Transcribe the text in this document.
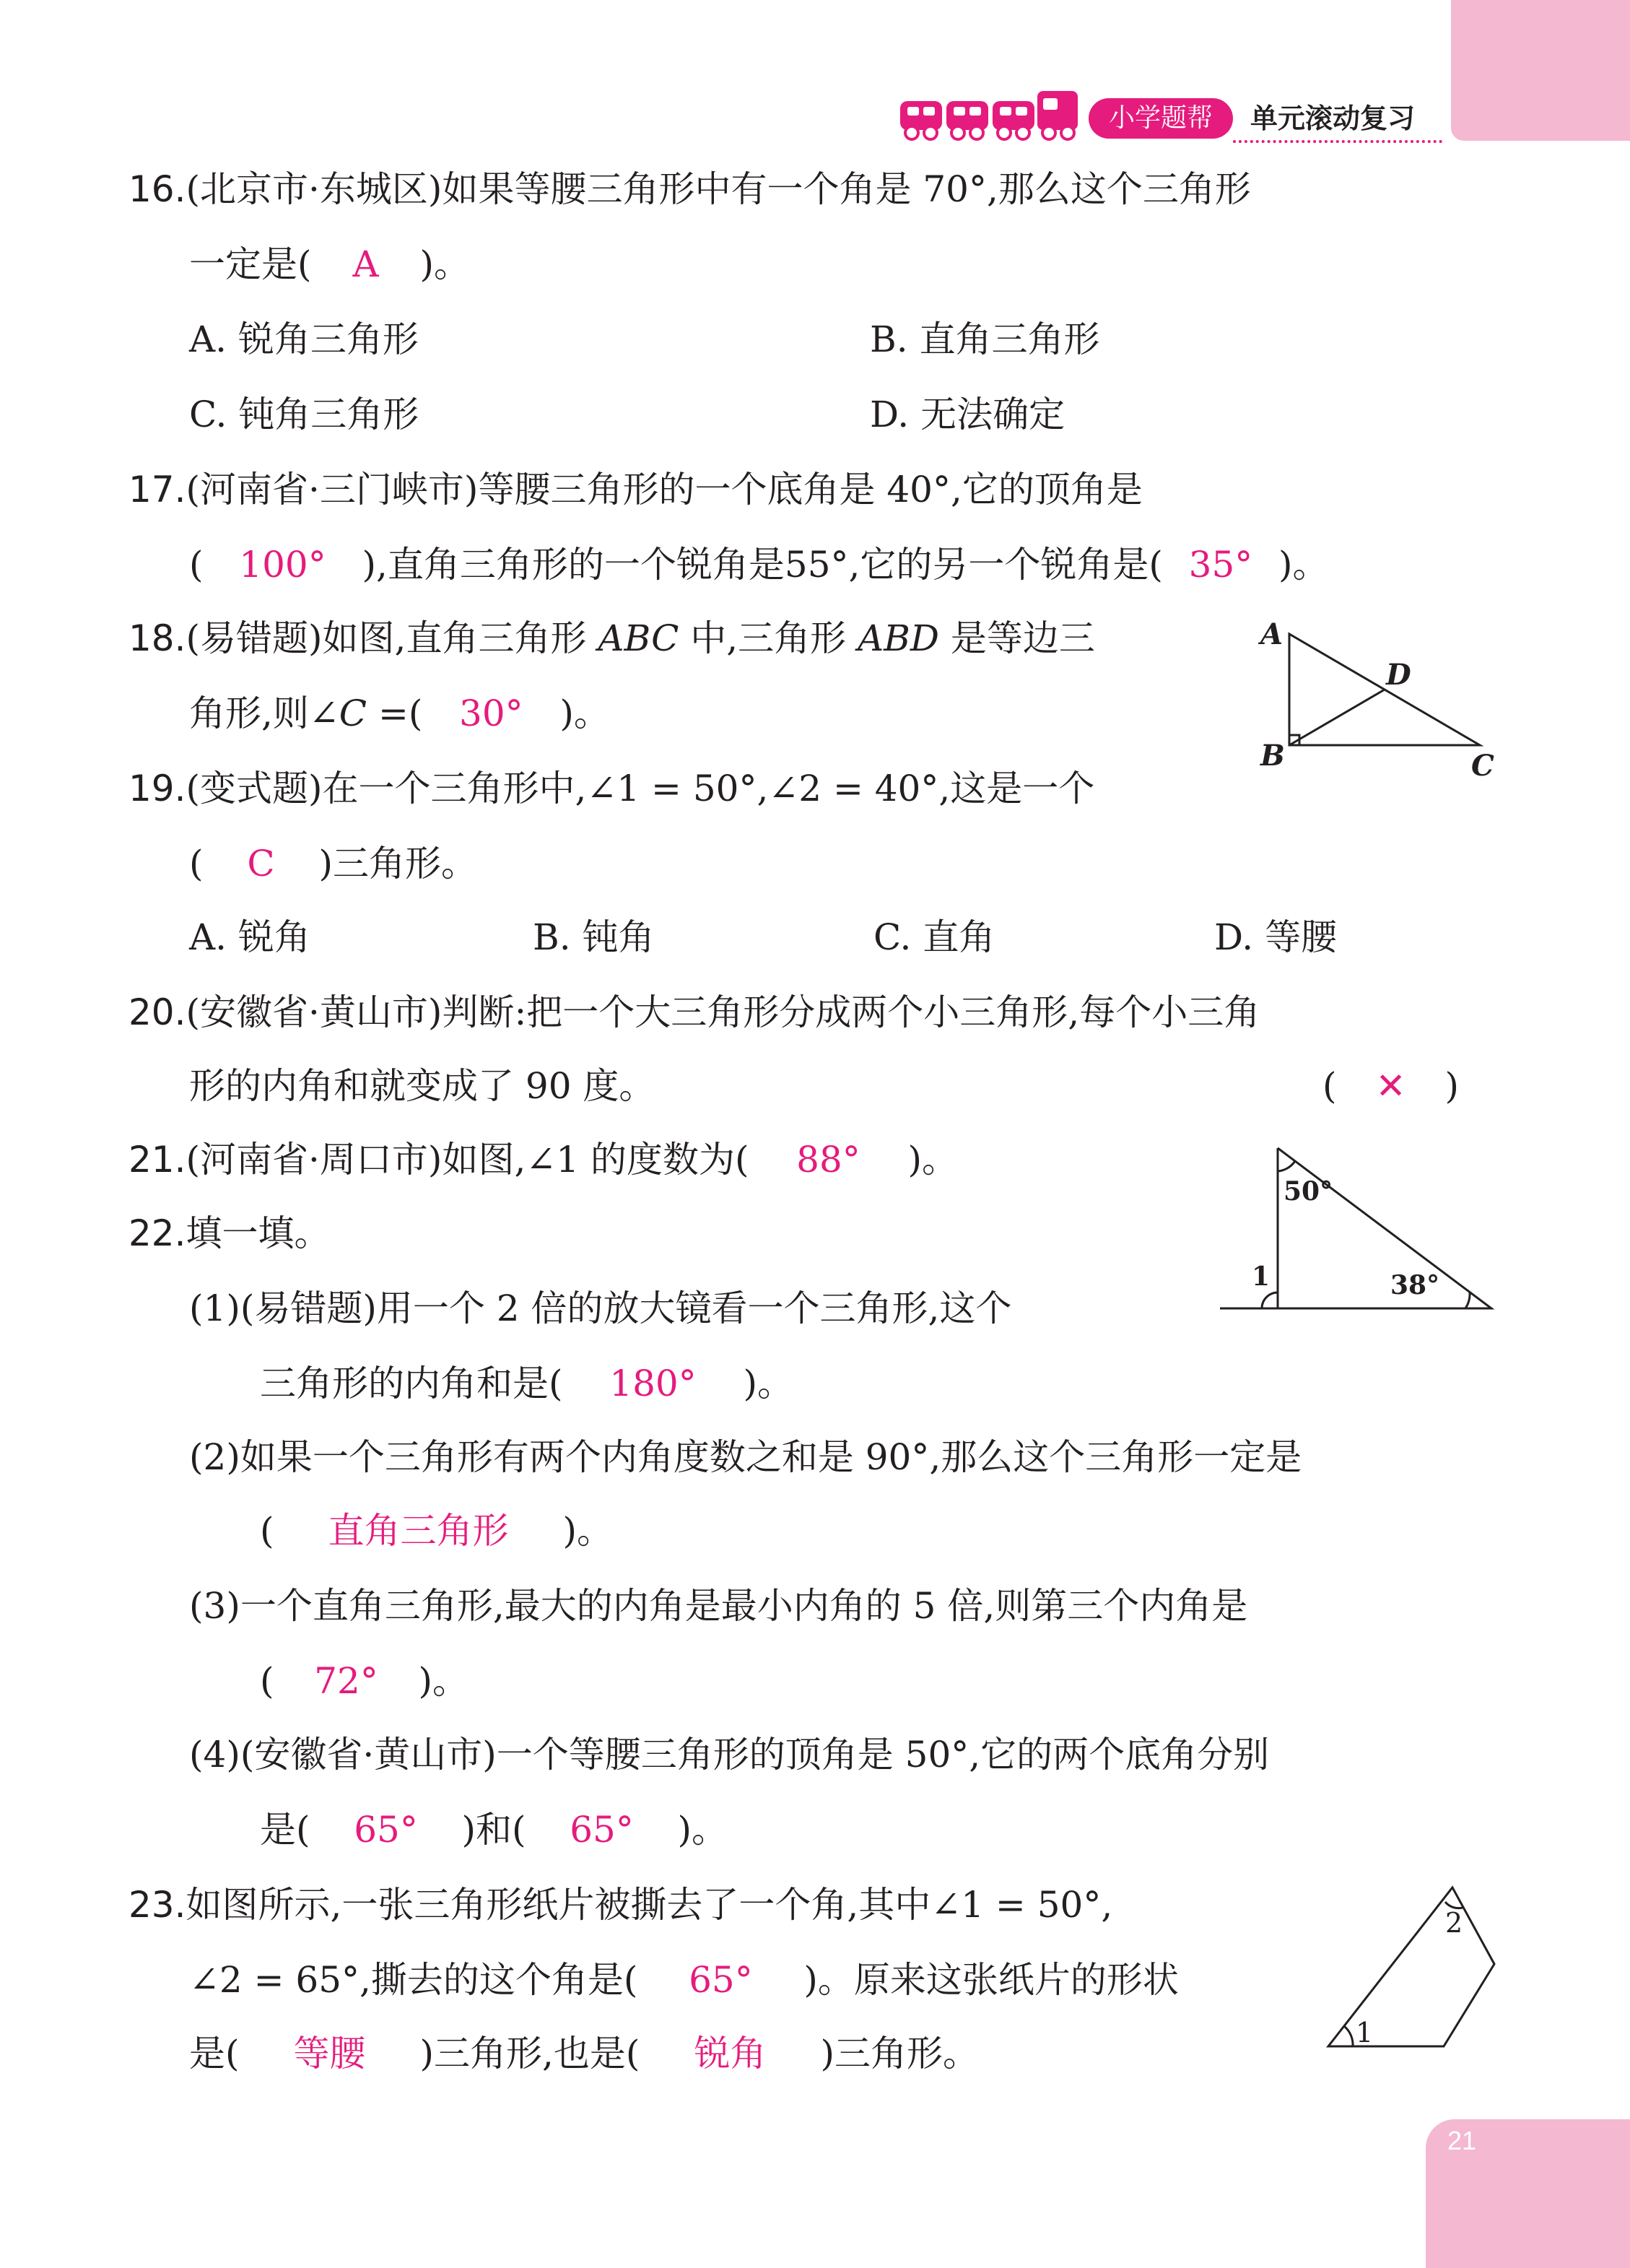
小学题帮	单元滚动复习
16.(北京市·东城区)如果等腰三角形中有一个角是 70°,那么这个三角形
一定是( A )。
A. 锐角三角形	B. 直角三角形
C. 钝角三角形	D. 无法确定
17.(河南省·三门峡市)等腰三角形的一个底角是 40°,它的顶角是
( 100° ),直角三角形的一个锐角是55°,它的另一个锐角是( 35° )。
18.(易错题)如图,直角三角形 ABC 中,三角形 ABD 是等边三
角形,则∠C =( 30° )。
A
B	C
D
19.(变式题)在一个三角形中,∠1 = 50°,∠2 = 40°,这是一个
( C )三角形。
A. 锐角	B. 钝角	C. 直角	D. 等腰
20.(安徽省·黄山市)判断:把一个大三角形分成两个小三角形,每个小三角
形的内角和就变成了 90 度。	( ✕ )
21.(河南省·周口市)如图,∠1 的度数为( 88° )。
50°
38°
1
22.填一填。
(1)(易错题)用一个 2 倍的放大镜看一个三角形,这个
三角形的内角和是( 180° )。
(2)如果一个三角形有两个内角度数之和是 90°,那么这个三角形一定是
( 直角三角形 )。
(3)一个直角三角形,最大的内角是最小内角的 5 倍,则第三个内角是
( 72° )。
(4)(安徽省·黄山市)一个等腰三角形的顶角是 50°,它的两个底角分别
是( 65° )和( 65° )。
23.如图所示,一张三角形纸片被撕去了一个角,其中∠1 = 50°,
∠2 = 65°,撕去的这个角是( 65° )。原来这张纸片的形状
是( 等腰 )三角形,也是( 锐角 )三角形。	1
2
21
